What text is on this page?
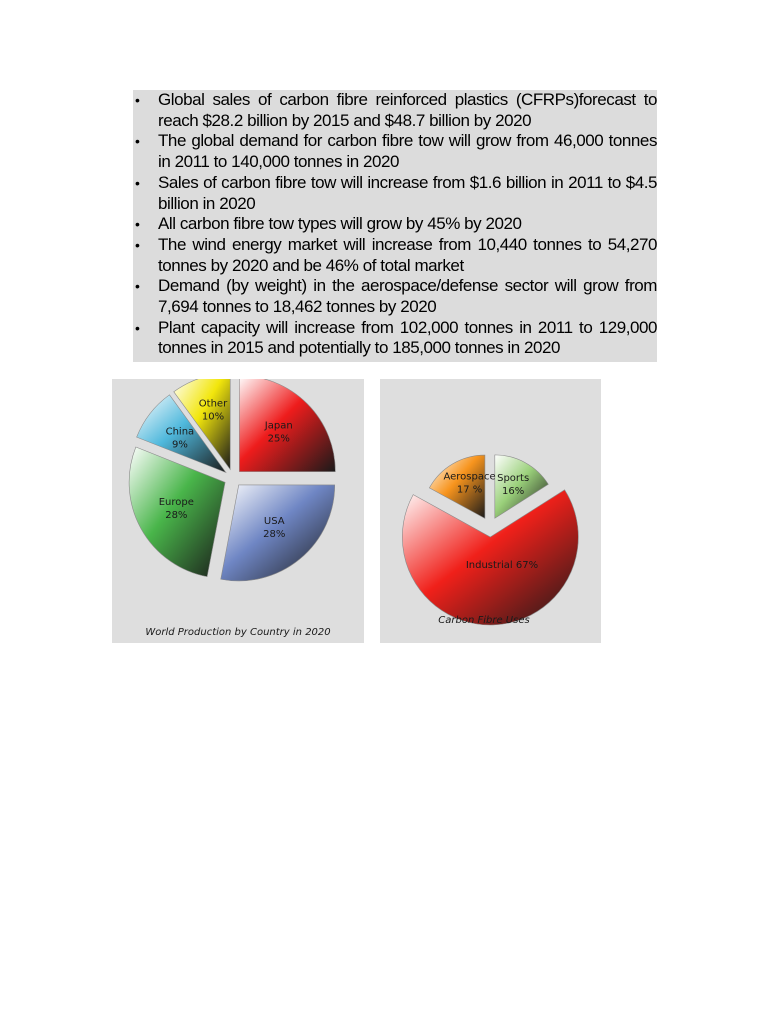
• Global sales of carbon fibre reinforced plastics (CFRPs)forecast to reach $28.2 billion by 2015 and $48.7 billion by 2020
• The global demand for carbon fibre tow will grow from 46,000 tonnes in 2011 to 140,000 tonnes in 2020
• Sales of carbon fibre tow will increase from $1.6 billion in 2011 to $4.5 billion in 2020
• All carbon fibre tow types will grow by 45% by 2020
• The wind energy market will increase from 10,440 tonnes to 54,270 tonnes by 2020 and be 46% of total market
• Demand (by weight) in the aerospace/defense sector will grow from 7,694 tonnes to 18,462 tonnes by 2020
• Plant capacity will increase from 102,000 tonnes in 2011 to 129,000 tonnes in 2015 and potentially to 185,000 tonnes in 2020
Japan
25%
USA
28%
Europe
28%
China
9%
Other
10%
World Production by Country in 2020
Sports
16%
Industrial 67%
Aerospace
17 %
Carbon Fibre Uses
